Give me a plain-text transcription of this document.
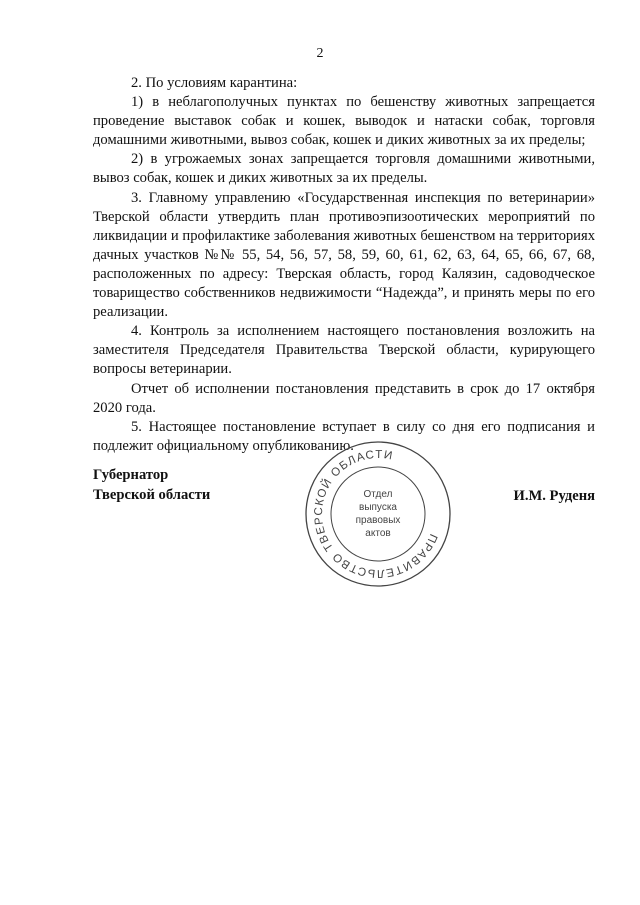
2

2. По условиям карантина:

1) в неблагополучных пунктах по бешенству животных запрещается проведение выставок собак и кошек, выводок и натаски собак, торговля домашними животными, вывоз собак, кошек и диких животных за их пределы;

2) в угрожаемых зонах запрещается торговля домашними животными, вывоз собак, кошек и диких животных за их пределы.

3. Главному управлению «Государственная инспекция по ветеринарии» Тверской области утвердить план противоэпизоотических мероприятий по ликвидации и профилактике заболевания животных бешенством на территориях дачных участков №№ 55, 54, 56, 57, 58, 59, 60, 61, 62, 63, 64, 65, 66, 67, 68, расположенных по адресу: Тверская область, город Калязин, садоводческое товарищество собственников недвижимости “Надежда”, и принять меры по его реализации.

4. Контроль за исполнением настоящего постановления возложить на заместителя Председателя Правительства Тверской области, курирующего вопросы ветеринарии.

Отчет об исполнении постановления представить в срок до 17 октября 2020 года.

5. Настоящее постановление вступает в силу со дня его подписания и подлежит официальному опубликованию.

Губернатор
Тверской области
ПРАВИТЕЛЬСТВО ТВЕРСКОЙ ОБЛАСТИ
Отдел
выпуска
правовых
актов
И.М. Руденя
